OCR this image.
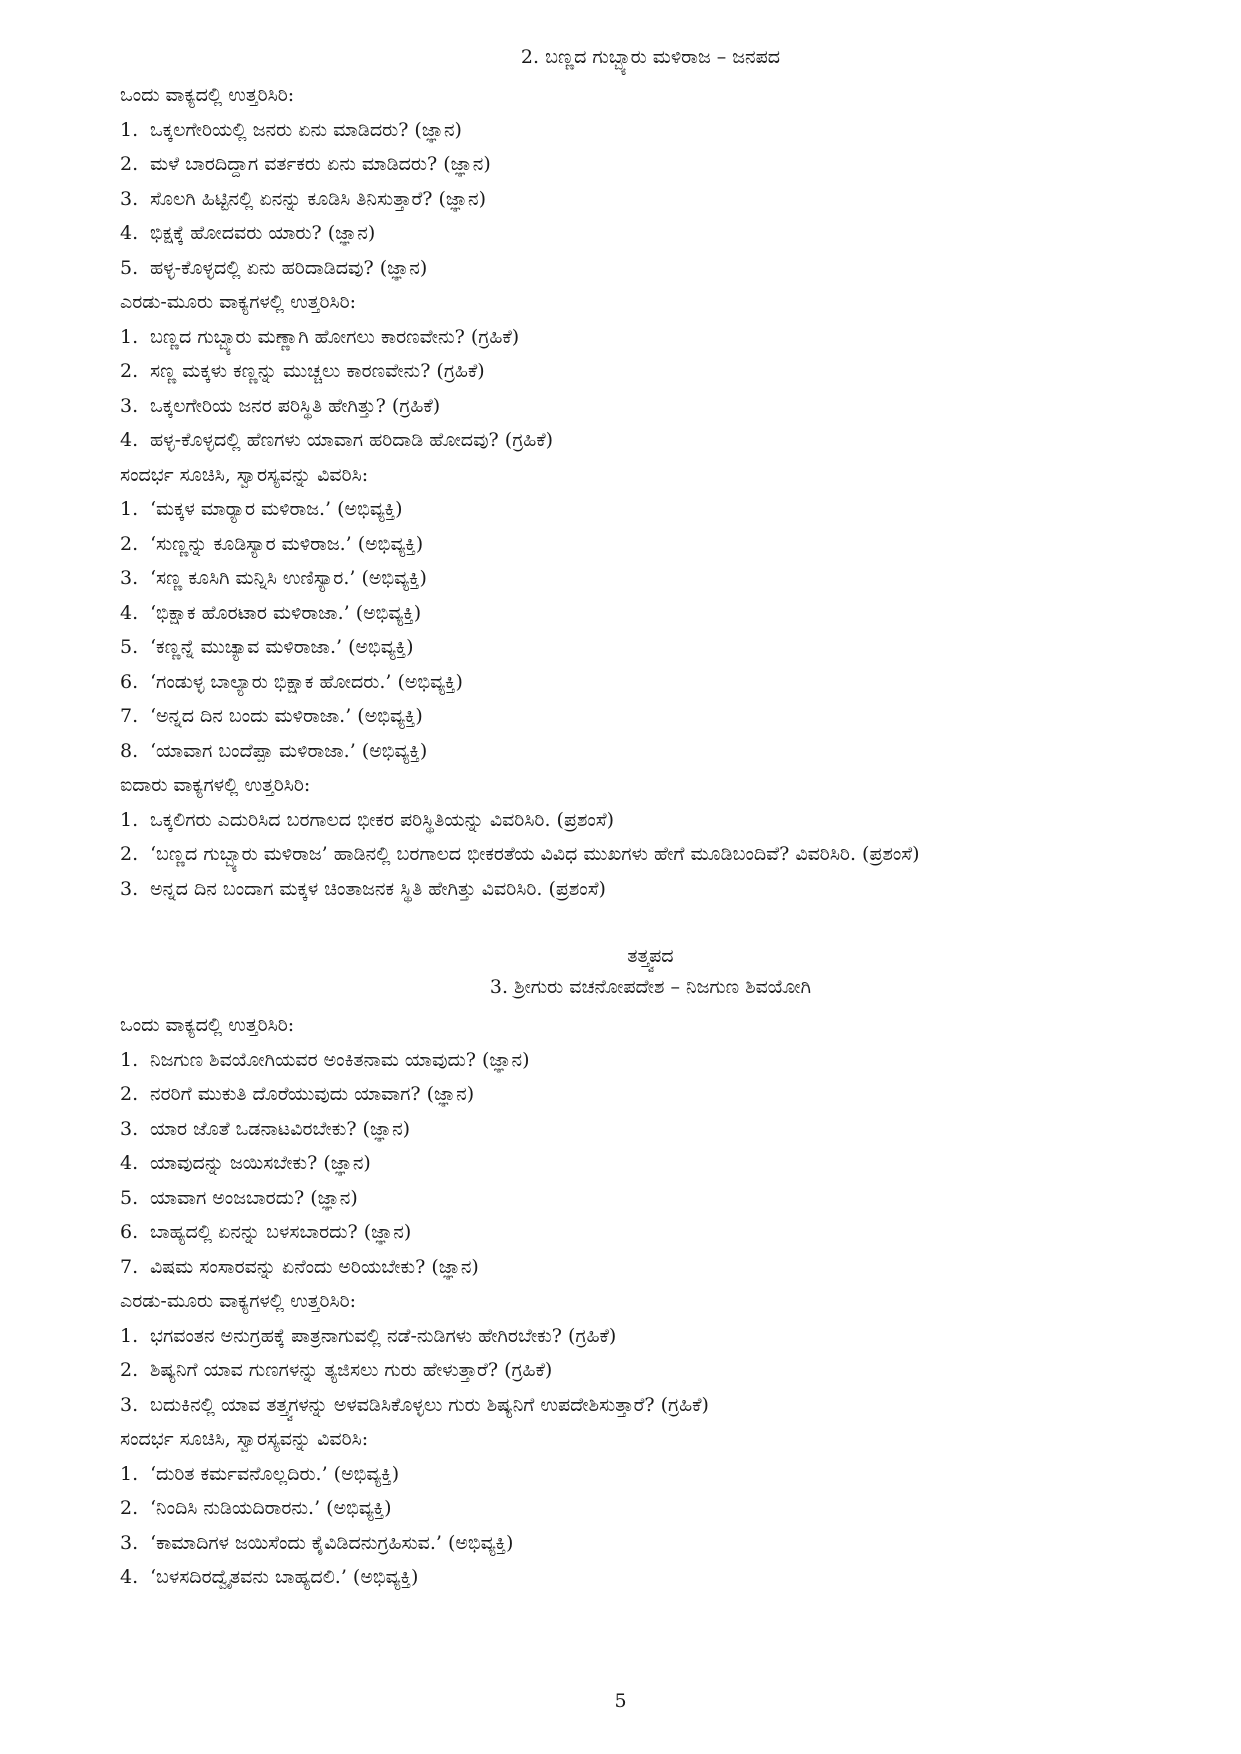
2. ಬಣ್ಣದ ಗುಬ್ಬ್ಯಾರು ಮಳಿರಾಜ – ಜನಪದ
ಒಂದು ವಾಕ್ಯದಲ್ಲಿ ಉತ್ತರಿಸಿರಿ:
1. ಒಕ್ಕಲಗೇರಿಯಲ್ಲಿ ಜನರು ಏನು ಮಾಡಿದರು? (ಜ್ಞಾನ)
2. ಮಳೆ ಬಾರದಿದ್ದಾಗ ವರ್ತಕರು ಏನು ಮಾಡಿದರು? (ಜ್ಞಾನ)
3. ಸೊಲಗಿ ಹಿಟ್ಟಿನಲ್ಲಿ ಏನನ್ನು ಕೂಡಿಸಿ ತಿನಿಸುತ್ತಾರೆ? (ಜ್ಞಾನ)
4. ಭಿಕ್ಷಕ್ಕೆ ಹೋದವರು ಯಾರು? (ಜ್ಞಾನ)
5. ಹಳ್ಳ-ಕೊಳ್ಳದಲ್ಲಿ ಏನು ಹರಿದಾಡಿದವು? (ಜ್ಞಾನ)
ಎರಡು-ಮೂರು ವಾಕ್ಯಗಳಲ್ಲಿ ಉತ್ತರಿಸಿರಿ:
1. ಬಣ್ಣದ ಗುಬ್ಬ್ಯಾರು ಮಣ್ಣಾಗಿ ಹೋಗಲು ಕಾರಣವೇನು? (ಗ್ರಹಿಕೆ)
2. ಸಣ್ಣ ಮಕ್ಕಳು ಕಣ್ಣನ್ನು ಮುಚ್ಚಲು ಕಾರಣವೇನು? (ಗ್ರಹಿಕೆ)
3. ಒಕ್ಕಲಗೇರಿಯ ಜನರ ಪರಿಸ್ಥಿತಿ ಹೇಗಿತ್ತು? (ಗ್ರಹಿಕೆ)
4. ಹಳ್ಳ-ಕೊಳ್ಳದಲ್ಲಿ ಹೆಣಗಳು ಯಾವಾಗ ಹರಿದಾಡಿ ಹೋದವು? (ಗ್ರಹಿಕೆ)
ಸಂದರ್ಭ ಸೂಚಿಸಿ, ಸ್ವಾರಸ್ಯವನ್ನು ವಿವರಿಸಿ:
1. ‘ಮಕ್ಕಳ ಮಾರ್‍ಯಾರ ಮಳಿರಾಜ.’ (ಅಭಿವ್ಯಕ್ತಿ)
2. ‘ಸುಣ್ಣನ್ನು ಕೂಡಿಸ್ಯಾರ ಮಳಿರಾಜ.’ (ಅಭಿವ್ಯಕ್ತಿ)
3. ‘ಸಣ್ಣ ಕೂಸಿಗಿ ಮನ್ನಿಸಿ ಉಣಿಸ್ಯಾರ.’ (ಅಭಿವ್ಯಕ್ತಿ)
4. ‘ಭಿಕ್ಷಾಕ ಹೊರಟಾರ ಮಳಿರಾಜಾ.’ (ಅಭಿವ್ಯಕ್ತಿ)
5. ‘ಕಣ್ಣನ್ನೆ ಮುಚ್ಯಾವ ಮಳಿರಾಜಾ.’ (ಅಭಿವ್ಯಕ್ತಿ)
6. ‘ಗಂಡುಳ್ಳ ಬಾಲ್ಯಾರು ಭಿಕ್ಷಾಕ ಹೋದರು.’ (ಅಭಿವ್ಯಕ್ತಿ)
7. ‘ಅನ್ನದ ದಿನ ಬಂದು ಮಳಿರಾಜಾ.’ (ಅಭಿವ್ಯಕ್ತಿ)
8. ‘ಯಾವಾಗ ಬಂದೆಪ್ಪಾ ಮಳಿರಾಜಾ.’ (ಅಭಿವ್ಯಕ್ತಿ)
ಐದಾರು ವಾಕ್ಯಗಳಲ್ಲಿ ಉತ್ತರಿಸಿರಿ:
1. ಒಕ್ಕಲಿಗರು ಎದುರಿಸಿದ ಬರಗಾಲದ ಭೀಕರ ಪರಿಸ್ಥಿತಿಯನ್ನು ವಿವರಿಸಿರಿ. (ಪ್ರಶಂಸೆ)
2. ‘ಬಣ್ಣದ ಗುಬ್ಬ್ಯಾರು ಮಳಿರಾಜ’ ಹಾಡಿನಲ್ಲಿ ಬರಗಾಲದ ಭೀಕರತೆಯ ವಿವಿಧ ಮುಖಗಳು ಹೇಗೆ ಮೂಡಿಬಂದಿವೆ? ವಿವರಿಸಿರಿ. (ಪ್ರಶಂಸೆ)
3. ಅನ್ನದ ದಿನ ಬಂದಾಗ ಮಕ್ಕಳ ಚಿಂತಾಜನಕ ಸ್ಥಿತಿ ಹೇಗಿತ್ತು ವಿವರಿಸಿರಿ. (ಪ್ರಶಂಸೆ)
ತತ್ತ್ವಪದ
3. ಶ್ರೀಗುರು ವಚನೋಪದೇಶ – ನಿಜಗುಣ ಶಿವಯೋಗಿ
ಒಂದು ವಾಕ್ಯದಲ್ಲಿ ಉತ್ತರಿಸಿರಿ:
1. ನಿಜಗುಣ ಶಿವಯೋಗಿಯವರ ಅಂಕಿತನಾಮ ಯಾವುದು? (ಜ್ಞಾನ)
2. ನರರಿಗೆ ಮುಕುತಿ ದೊರೆಯುವುದು ಯಾವಾಗ? (ಜ್ಞಾನ)
3. ಯಾರ ಜೊತೆ ಒಡನಾಟವಿರಬೇಕು? (ಜ್ಞಾನ)
4. ಯಾವುದನ್ನು ಜಯಿಸಬೇಕು? (ಜ್ಞಾನ)
5. ಯಾವಾಗ ಅಂಜಬಾರದು? (ಜ್ಞಾನ)
6. ಬಾಹ್ಯದಲ್ಲಿ ಏನನ್ನು ಬಳಸಬಾರದು? (ಜ್ಞಾನ)
7. ವಿಷಮ ಸಂಸಾರವನ್ನು ಏನೆಂದು ಅರಿಯಬೇಕು? (ಜ್ಞಾನ)
ಎರಡು-ಮೂರು ವಾಕ್ಯಗಳಲ್ಲಿ ಉತ್ತರಿಸಿರಿ:
1. ಭಗವಂತನ ಅನುಗ್ರಹಕ್ಕೆ ಪಾತ್ರನಾಗುವಲ್ಲಿ ನಡೆ-ನುಡಿಗಳು ಹೇಗಿರಬೇಕು? (ಗ್ರಹಿಕೆ)
2. ಶಿಷ್ಯನಿಗೆ ಯಾವ ಗುಣಗಳನ್ನು ತ್ಯಜಿಸಲು ಗುರು ಹೇಳುತ್ತಾರೆ? (ಗ್ರಹಿಕೆ)
3. ಬದುಕಿನಲ್ಲಿ ಯಾವ ತತ್ತ್ವಗಳನ್ನು ಅಳವಡಿಸಿಕೊಳ್ಳಲು ಗುರು ಶಿಷ್ಯನಿಗೆ ಉಪದೇಶಿಸುತ್ತಾರೆ? (ಗ್ರಹಿಕೆ)
ಸಂದರ್ಭ ಸೂಚಿಸಿ, ಸ್ವಾರಸ್ಯವನ್ನು ವಿವರಿಸಿ:
1. ‘ದುರಿತ ಕರ್ಮವನೊಲ್ಲದಿರು.’ (ಅಭಿವ್ಯಕ್ತಿ)
2. ‘ನಿಂದಿಸಿ ನುಡಿಯದಿರಾರನು.’ (ಅಭಿವ್ಯಕ್ತಿ)
3. ‘ಕಾಮಾದಿಗಳ ಜಯಿಸೆಂದು ಕೈವಿಡಿದನುಗ್ರಹಿಸುವ.’ (ಅಭಿವ್ಯಕ್ತಿ)
4. ‘ಬಳಸದಿರದ್ವೈತವನು ಬಾಹ್ಯದಲಿ.’ (ಅಭಿವ್ಯಕ್ತಿ)
5
